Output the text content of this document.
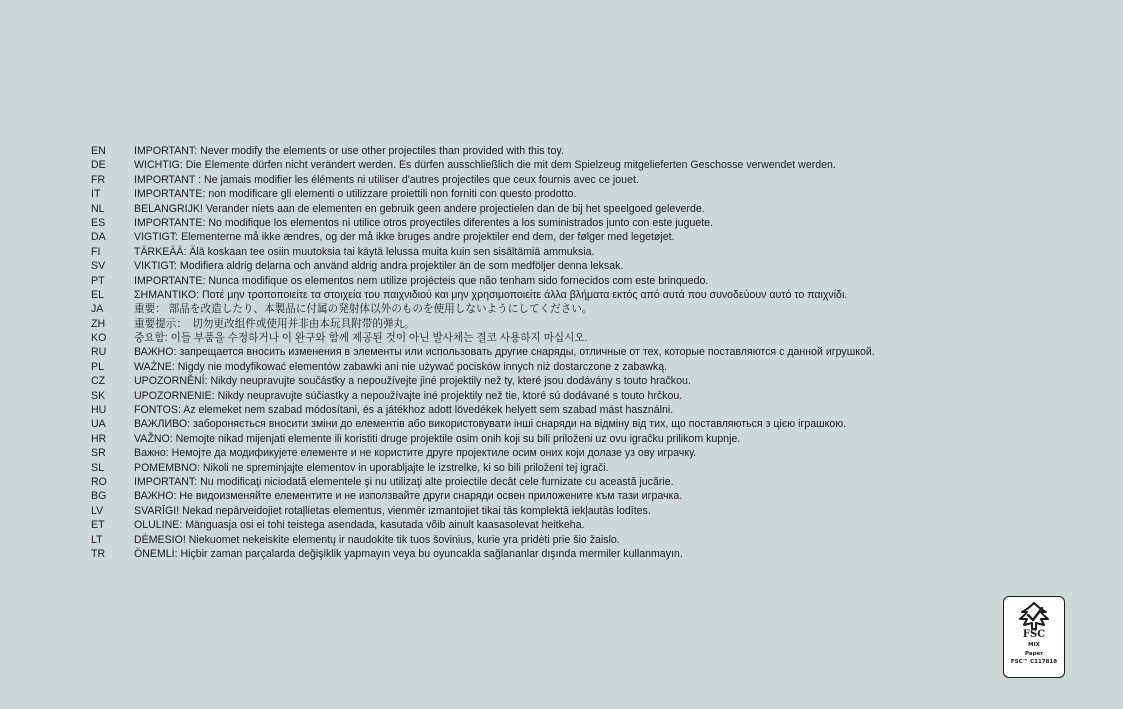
EN	IMPORTANT: Never modify the elements or use other projectiles than provided with this toy.
DE	WICHTIG: Die Elemente dürfen nicht verändert werden. Es dürfen ausschließlich die mit dem Spielzeug mitgelieferten Geschosse verwendet werden.
FR	IMPORTANT : Ne jamais modifier les éléments ni utiliser d'autres projectiles que ceux fournis avec ce jouet.
IT	IMPORTANTE: non modificare gli elementi o utilizzare proiettili non forniti con questo prodotto.
NL	BELANGRIJK! Verander niets aan de elementen en gebruik geen andere projectielen dan de bij het speelgoed geleverde.
ES	IMPORTANTE: No modifique los elementos ni utilice otros proyectiles diferentes a los suministrados junto con este juguete.
DA	VIGTIGT: Elementerne må ikke ændres, og der må ikke bruges andre projektiler end dem, der følger med legetøjet.
FI	TÄRKEÄÄ: Älä koskaan tee osiin muutoksia tai käytä lelussa muita kuin sen sisältämiä ammuksia.
SV	VIKTIGT: Modifiera aldrig delarna och använd aldrig andra projektiler än de som medföljer denna leksak.
PT	IMPORTANTE: Nunca modifique os elementos nem utilize projécteis que não tenham sido fornecidos com este brinquedo.
EL	ΣΗΜΑΝΤΙΚΟ: Ποτέ μην τροποποιείτε τα στοιχεία του παιχνιδιού και μην χρησιμοποιείτε άλλα βλήματα εκτός από αυτά που συνοδεύουν αυτό το παιχνίδι.
JA	重要： 部品を改造したり、本製品に付属の発射体以外のものを使用しないようにしてください。
ZH	重要提示：　切勿更改组件或使用并非由本玩具附带的弹丸。
KO	중요함: 이들 부품을 수정하거나 이 완구와 함께 제공된 것이 아닌 발사체는 결코 사용하지 마십시오.
RU	ВАЖНО: запрещается вносить изменения в элементы или использовать другие снаряды, отличные от тех, которые поставляются с данной игрушкой.
PL	WAŻNE: Nigdy nie modyfikować elementów zabawki ani nie używać pocisków innych niż dostarczone z zabawką.
CZ	UPOZORNĚNÍ: Nikdy neupravujte součástky a nepoužívejte jiné projektily než ty, které jsou dodávány s touto hračkou.
SK	UPOZORNENIE: Nikdy neupravujte súčiastky a nepoužívajte iné projektily než tie, ktoré sú dodávané s touto hrčkou.
HU	FONTOS: Az elemeket nem szabad módosítani, és a játékhoz adott lövedékek helyett sem szabad mást használni.
UA	ВАЖЛИВО: забороняється вносити зміни до елементів або використовувати інші снаряди на відміну від тих, що поставляються з цією іграшкою.
HR	VAŽNO: Nemojte nikad mijenjati elemente ili koristiti druge projektile osim onih koji su bili priloženi uz ovu igračku prilikom kupnje.
SR	Важно: Немојте да модификујете елементе и не користите друге пројектиле осим оних који долазе уз ову играчку.
SL	POMEMBNO: Nikoli ne spreminjajte elementov in uporabljajte le izstrelke, ki so bili priloženi tej igrači.
RO	IMPORTANT: Nu modificaţi niciodată elementele şi nu utilizaţi alte proiectile decât cele furnizate cu această jucărie.
BG	ВАЖНО: Не видоизменяйте елементите и не използвайте други снаряди освен приложените към тази играчка.
LV	SVARĪGI! Nekad nepārveidojiet rotaļlietas elementus, vienmēr izmantojiet tikai tās komplektā iekļautās lodītes.
ET	OLULINE: Mänguasja osi ei tohi teistega asendada, kasutada võib ainult kaasasolevat heitkeha.
LT	DĖMESIO! Niekuomet nekeiskite elementų ir naudokite tik tuos šovinius, kurie yra pridėti prie šio žaislo.
TR	ÖNEMLİ: Hiçbir zaman parçalarda değişiklik yapmayın veya bu oyuncakla sağlananlar dışında mermiler kullanmayın.
FSC
MIX
Paper
FSC™ C117818
